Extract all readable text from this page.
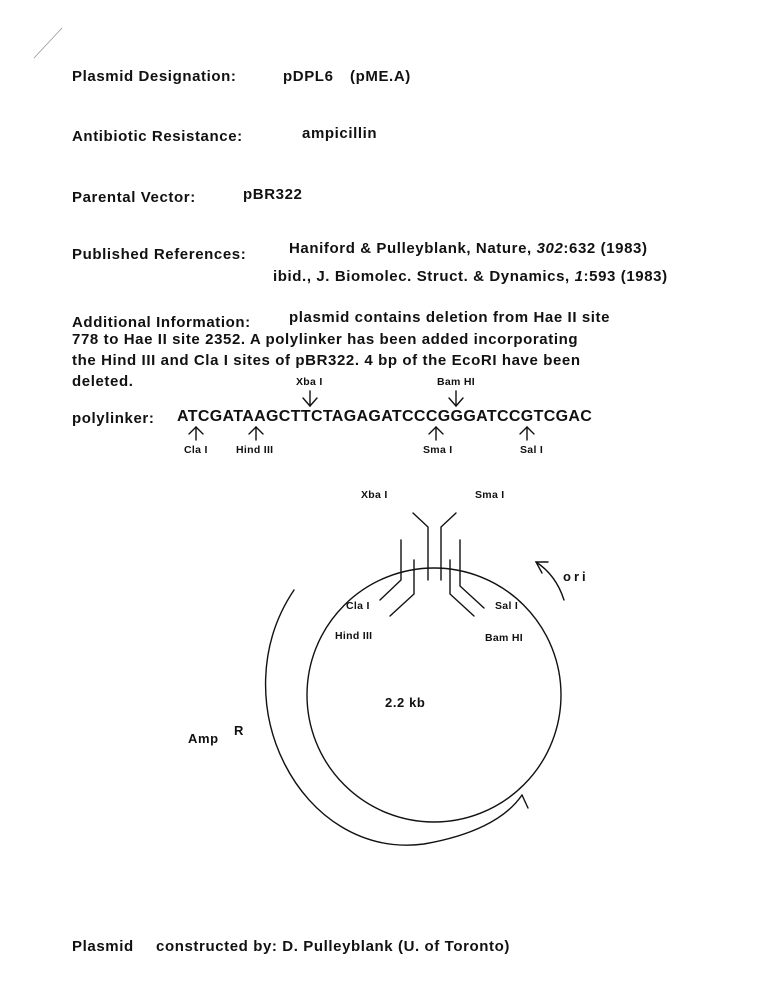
Plasmid Designation:	pDPL6 (pME.A)
Antibiotic Resistance:	ampicillin
Parental Vector:	pBR322
Published References:	Haniford & Pulleyblank, Nature, 302:632 (1983)
ibid., J. Biomolec. Struct. & Dynamics, 1:593 (1983)
Additional Information:	plasmid contains deletion from Hae II site
778 to Hae II site 2352. A polylinker has been added incorporating
the Hind III and Cla I sites of pBR322. 4 bp of the EcoRI have been
deleted.	Xba I	Bam HI
polylinker: ATCGATAAGCTTCTAGAGATCCCGGGATCCGTCGAC
Cla I	Hind III	Sma I	Sal I
Xba I	Sma I
Cla I
Hind III
Sal I
Bam HI
ori
2.2 kb
Amp
R
Plasmid constructed by: D. Pulleyblank (U. of Toronto)
